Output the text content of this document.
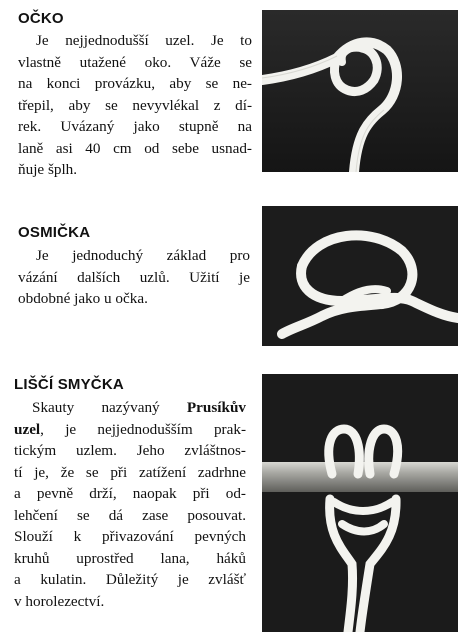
OČKO
Je nejjednodušší uzel. Je to
vlastně utažené oko. Váže se
na konci provázku, aby se ne-
třepil, aby se nevyvlékal z dí-
rek. Uvázaný jako stupně na
laně asi 40 cm od sebe usnad-
ňuje šplh.
OSMIČKA
Je jednoduchý základ pro
vázání dalších uzlů. Užití je
obdobné jako u očka.
LIŠČÍ SMYČKA
Skauty nazývaný Prusíkův
uzel, je nejjednodušším prak-
tickým uzlem. Jeho zvláštnos-
tí je, že se při zatížení zadrhne
a pevně drží, naopak při od-
lehčení se dá zase posouvat.
Slouží k přivazování pevných
kruhů uprostřed lana, háků
a kulatin. Důležitý je zvlášť
v horolezectví.
